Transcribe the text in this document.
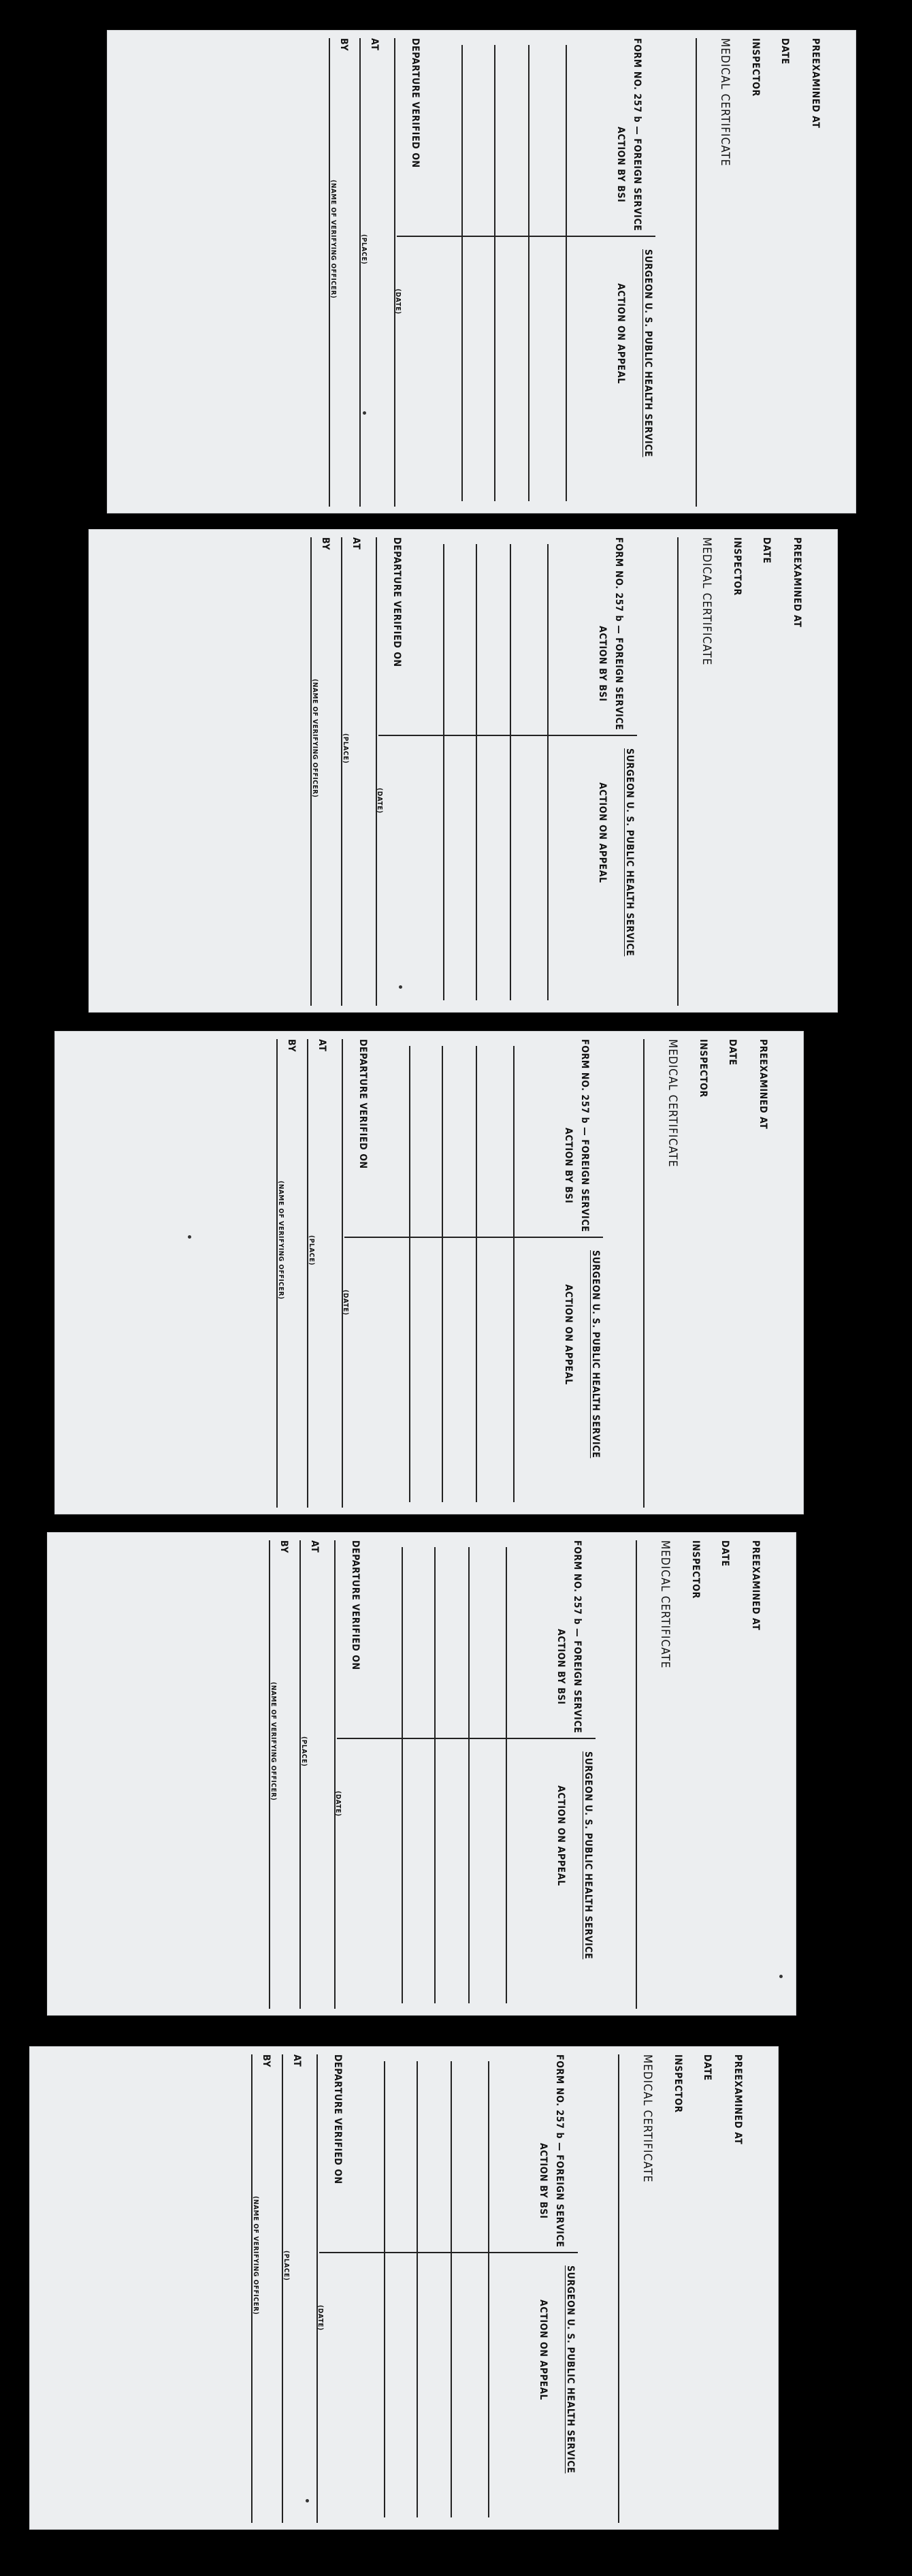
PREEXAMINED AT
DATE
INSPECTOR
MEDICAL CERTIFICATE
FORM NO. 257 b — FOREIGN SERVICE
SURGEON U. S. PUBLIC HEALTH SERVICE
ACTION BY BSI
ACTION ON APPEAL
DEPARTURE VERIFIED ON
(DATE)
AT
(PLACE)
BY
(NAME OF VERIFYING OFFICER)
PREEXAMINED AT
DATE
INSPECTOR
MEDICAL CERTIFICATE
FORM NO. 257 b — FOREIGN SERVICE
SURGEON U. S. PUBLIC HEALTH SERVICE
ACTION BY BSI
ACTION ON APPEAL
DEPARTURE VERIFIED ON
(DATE)
AT
(PLACE)
BY
(NAME OF VERIFYING OFFICER)
PREEXAMINED AT
DATE
INSPECTOR
MEDICAL CERTIFICATE
FORM NO. 257 b — FOREIGN SERVICE
SURGEON U. S. PUBLIC HEALTH SERVICE
ACTION BY BSI
ACTION ON APPEAL
DEPARTURE VERIFIED ON
(DATE)
AT
(PLACE)
BY
(NAME OF VERIFYING OFFICER)
PREEXAMINED AT
DATE
INSPECTOR
MEDICAL CERTIFICATE
FORM NO. 257 b — FOREIGN SERVICE
SURGEON U. S. PUBLIC HEALTH SERVICE
ACTION BY BSI
ACTION ON APPEAL
DEPARTURE VERIFIED ON
(DATE)
AT
(PLACE)
BY
(NAME OF VERIFYING OFFICER)
PREEXAMINED AT
DATE
INSPECTOR
MEDICAL CERTIFICATE
FORM NO. 257 b — FOREIGN SERVICE
SURGEON U. S. PUBLIC HEALTH SERVICE
ACTION BY BSI
ACTION ON APPEAL
DEPARTURE VERIFIED ON
(DATE)
AT
(PLACE)
BY
(NAME OF VERIFYING OFFICER)
